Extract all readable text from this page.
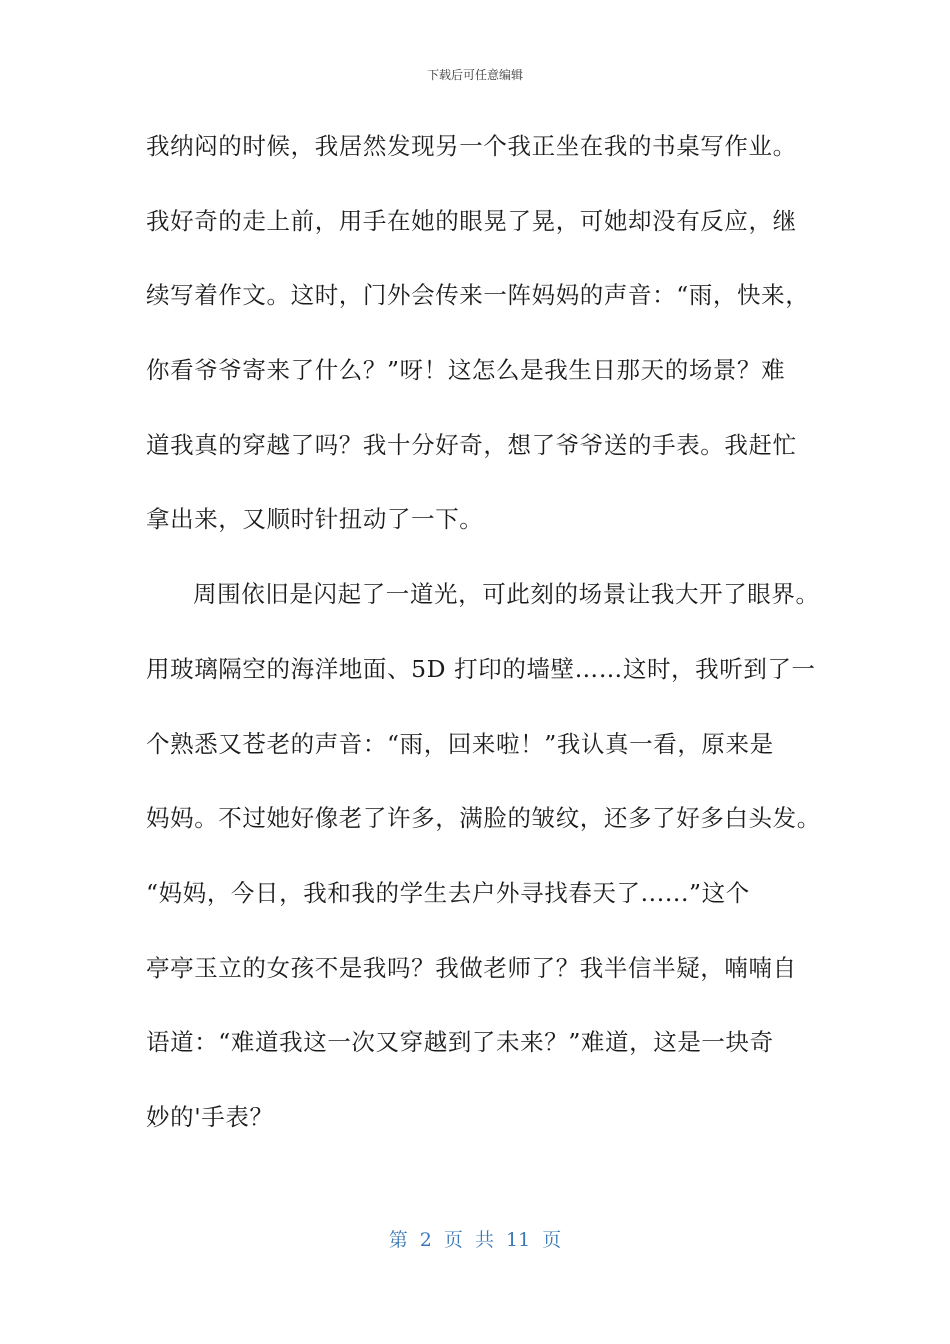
下载后可任意编辑
我纳闷的时候，我居然发现另一个我正坐在我的书桌写作业。
我好奇的走上前，用手在她的眼晃了晃，可她却没有反应，继
续写着作文。这时，门外会传来一阵妈妈的声音：“雨，快来，
你看爷爷寄来了什么？”呀！这怎么是我生日那天的场景？难
道我真的穿越了吗？我十分好奇，想了爷爷送的手表。我赶忙
拿出来，又顺时针扭动了一下。
周围依旧是闪起了一道光，可此刻的场景让我大开了眼界。
用玻璃隔空的海洋地面、5D 打印的墙壁……这时，我听到了一
个熟悉又苍老的声音：“雨，回来啦！”我认真一看，原来是
妈妈。不过她好像老了许多，满脸的皱纹，还多了好多白头发。
“妈妈，今日，我和我的学生去户外寻找春天了......”这个
亭亭玉立的女孩不是我吗？我做老师了？我半信半疑，喃喃自
语道：“难道我这一次又穿越到了未来？”难道，这是一块奇
妙的'手表？
第 2 页 共 11 页
